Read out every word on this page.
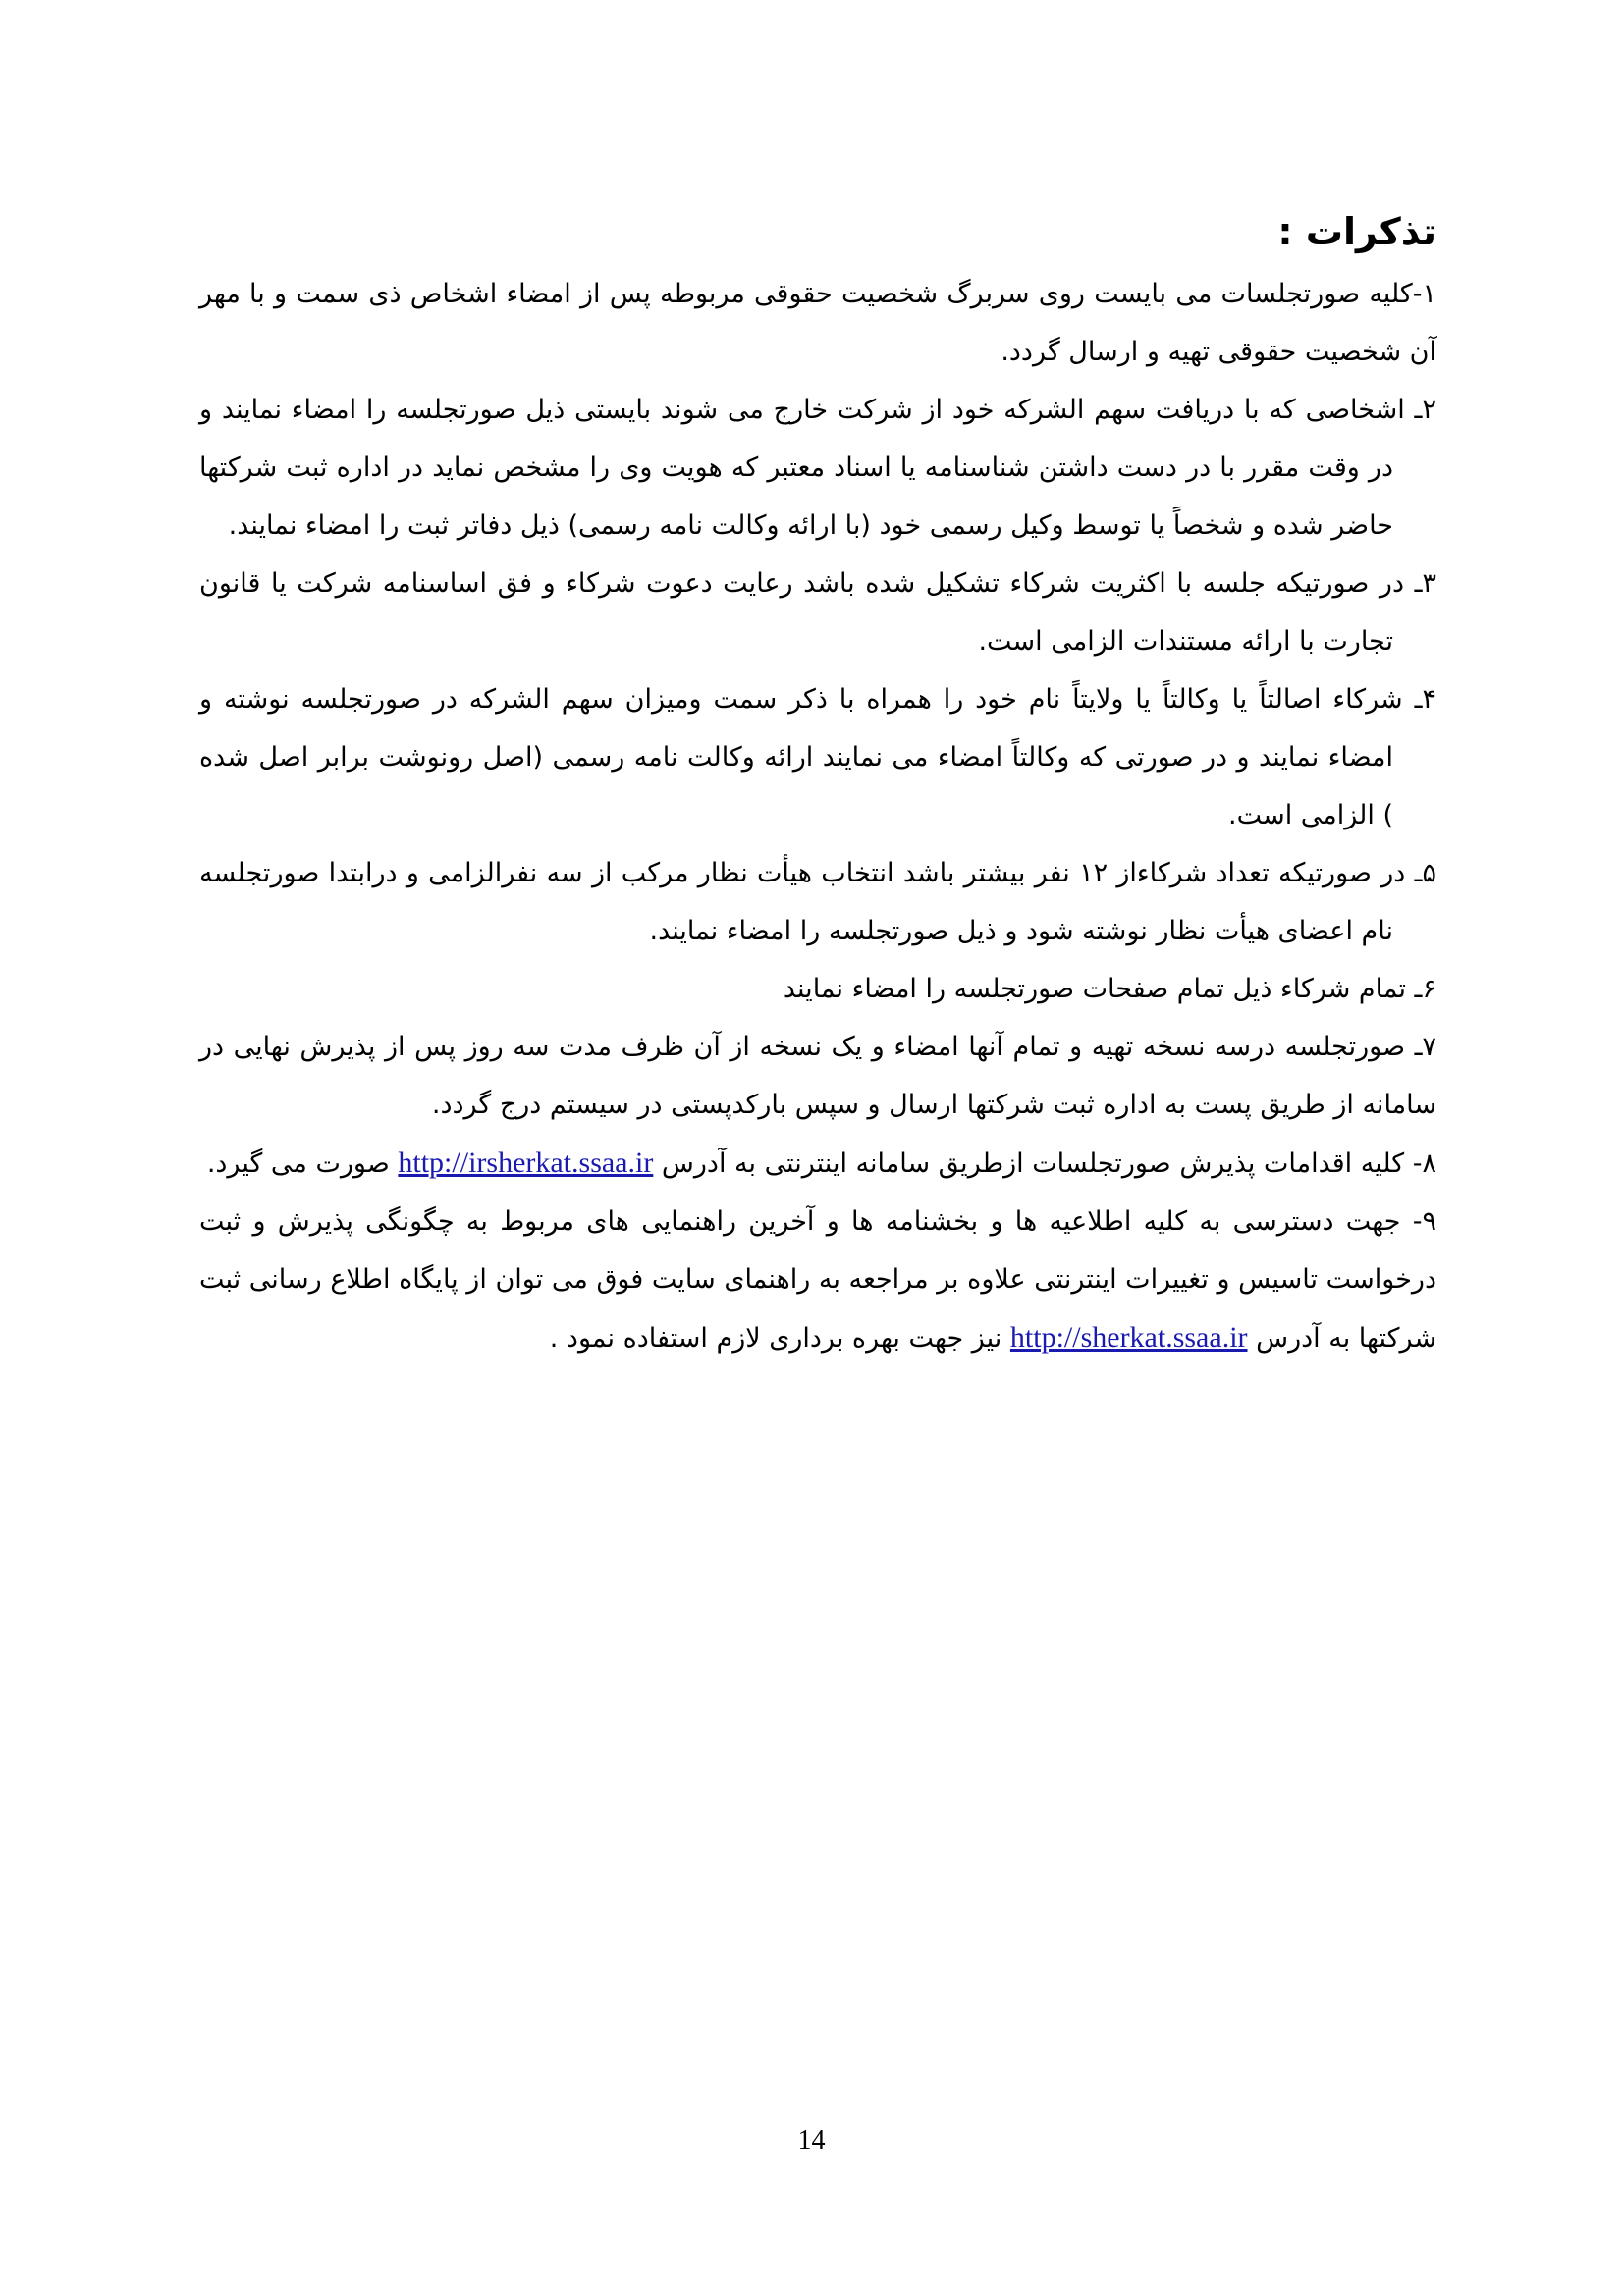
تذکرات :

۱-کلیه صورتجلسات می بایست روی سربرگ شخصیت حقوقی مربوطه پس از امضاء اشخاص ذی سمت و با مهر آن شخصیت حقوقی تهیه و ارسال گردد.

۲ـ اشخاصی که با دریافت سهم الشرکه خود از شرکت خارج می شوند بایستی ذیل صورتجلسه را امضاء نمایند و در وقت مقرر با در دست داشتن شناسنامه یا اسناد معتبر که هویت وی را مشخص نماید در اداره ثبت شرکتها حاضر شده و شخصاً یا توسط وکیل رسمی خود (با ارائه وکالت نامه رسمی) ذیل دفاتر ثبت را امضاء نمایند.

۳ـ در صورتیکه جلسه با اکثریت شرکاء تشکیل شده باشد رعایت دعوت شرکاء و فق اساسنامه شرکت یا قانون تجارت با ارائه مستندات الزامی است.

۴ـ شرکاء اصالتاً یا وکالتاً یا ولایتاً نام خود را همراه با ذکر سمت ومیزان سهم الشرکه در صورتجلسه نوشته و امضاء نمایند و در صورتی که وکالتاً امضاء می نمایند ارائه وکالت نامه رسمی (اصل رونوشت برابر اصل شده ) الزامی است.

۵ـ در صورتیکه تعداد شرکاءاز ۱۲ نفر بیشتر باشد انتخاب هیأت نظار مرکب از سه نفرالزامی و درابتدا صورتجلسه نام اعضای هیأت نظار نوشته شود و ذیل صورتجلسه را امضاء نمایند.

۶ـ تمام شرکاء ذیل تمام صفحات صورتجلسه را امضاء نمایند

۷ـ صورتجلسه درسه نسخه تهیه و تمام آنها امضاء و یک نسخه از آن ظرف مدت سه روز پس از پذیرش نهایی در سامانه از طریق پست به اداره ثبت شرکتها ارسال و سپس بارکدپستی در سیستم درج گردد.

۸- کلیه اقدامات پذیرش صورتجلسات ازطریق سامانه اینترنتی به آدرس http://irsherkat.ssaa.ir صورت می گیرد.

۹- جهت دسترسی به کلیه اطلاعیه ها و بخشنامه ها و آخرین راهنمایی های مربوط به چگونگی پذیرش و ثبت درخواست تاسیس و تغییرات اینترنتی علاوه بر مراجعه به راهنمای سایت فوق می توان از پایگاه اطلاع رسانی ثبت شرکتها به آدرس http://sherkat.ssaa.ir نیز جهت بهره برداری لازم استفاده نمود .

14
